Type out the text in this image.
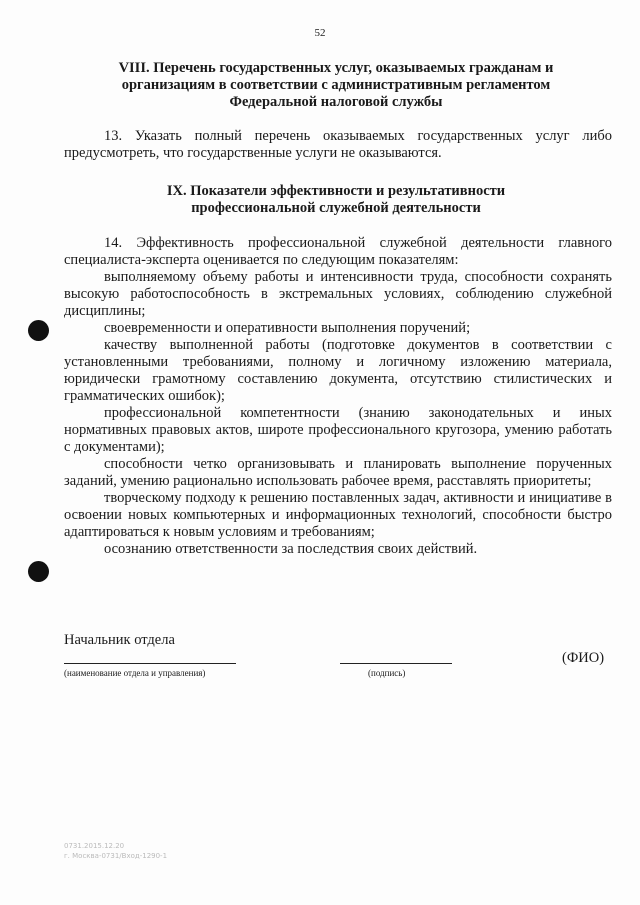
52
VIII. Перечень государственных услуг, оказываемых гражданам и
организациям в соответствии с административным регламентом
Федеральной налоговой службы
13. Указать полный перечень оказываемых государственных услуг либо предусмотреть, что государственные услуги не оказываются.
IX. Показатели эффективности и результативности
профессиональной служебной деятельности

14. Эффективность профессиональной служебной деятельности главного специалиста-эксперта оценивается по следующим показателям:

выполняемому объему работы и интенсивности труда, способности сохранять высокую работоспособность в экстремальных условиях, соблюдению служебной дисциплины;

своевременности и оперативности выполнения поручений;

качеству выполненной работы (подготовке документов в соответствии с установленными требованиями, полному и логичному изложению материала, юридически грамотному составлению документа, отсутствию стилистических и грамматических ошибок);

профессиональной компетентности (знанию законодательных и иных нормативных правовых актов, широте профессионального кругозора, умению работать с документами);

способности четко организовывать и планировать выполнение порученных заданий, умению рационально использовать рабочее время, расставлять приоритеты;

творческому подходу к решению поставленных задач, активности и инициативе в освоении новых компьютерных и информационных технологий, способности быстро адаптироваться к новым условиям и требованиям;

осознанию ответственности за последствия своих действий.

Начальник отдела
(наименование отдела и управления)	(подпись)
(ФИО)
0731.2015.12.20
г. Москва-0731/Вход-1290-1
